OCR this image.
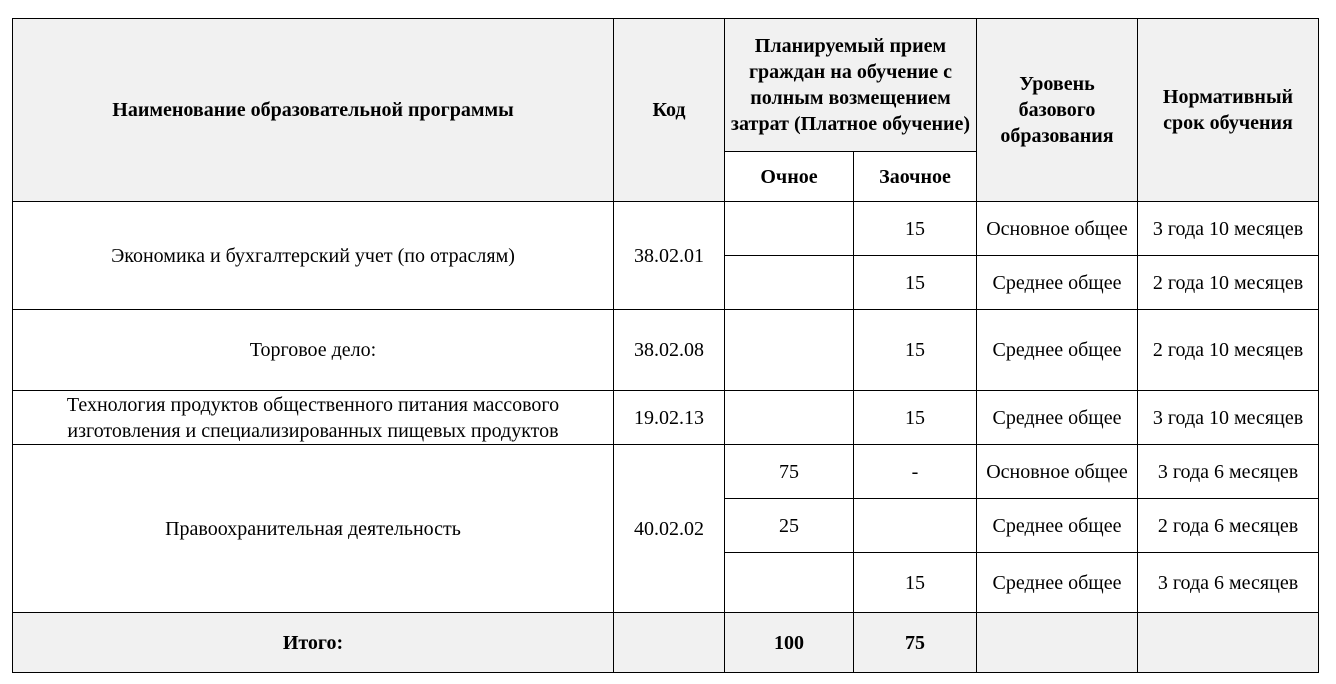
Наименование образовательной программы	Код	Планируемый прием граждан на обучение с полным возмещением затрат (Платное обучение)		Уровень базового образования	Нормативный срок обучения
		Очное	Заочное		
Экономика и бухгалтерский учет (по отраслям)	38.02.01		15	Основное общее	3 года 10 месяцев
			15	Среднее общее	2 года 10 месяцев
Торговое дело:	38.02.08		15	Среднее общее	2 года 10 месяцев
Технология продуктов общественного питания массового изготовления и специализированных пищевых продуктов	19.02.13		15	Среднее общее	3 года 10 месяцев
Правоохранительная деятельность	40.02.02	75	-	Основное общее	3 года 6 месяцев
		25		Среднее общее	2 года 6 месяцев
			15	Среднее общее	3 года 6 месяцев
Итого:		100	75		
